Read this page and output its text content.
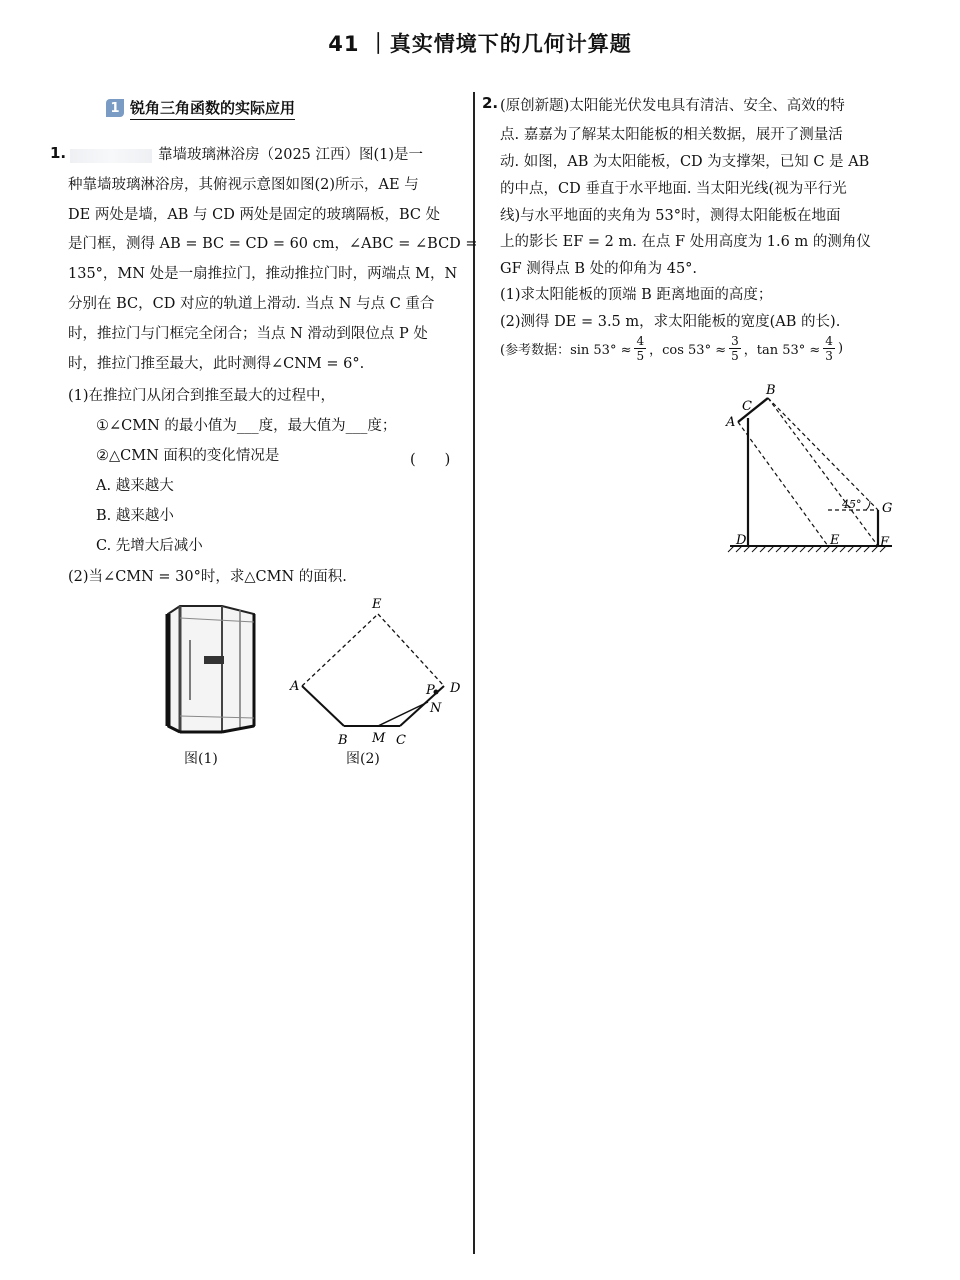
41 ｜真实情境下的几何计算题
1 锐角三角函数的实际应用
1.	靠墙玻璃淋浴房（2025 江西）图(1)是一
种靠墙玻璃淋浴房，其俯视示意图如图(2)所示，AE 与
DE 两处是墙，AB 与 CD 两处是固定的玻璃隔板，BC 处
是门框，测得 AB = BC = CD = 60 cm，∠ABC = ∠BCD =
135°，MN 处是一扇推拉门，推动推拉门时，两端点 M，N
分别在 BC，CD 对应的轨道上滑动. 当点 N 与点 C 重合
时，推拉门与门框完全闭合；当点 N 滑动到限位点 P 处
时，推拉门推至最大，此时测得∠CNM = 6°.
(1)在推拉门从闭合到推至最大的过程中，
①∠CMN 的最小值为___度，最大值为___度；
②△CMN 面积的变化情况是	(　　)
A. 越来越大
B. 越来越小
C. 先增大后减小
(2)当∠CMN = 30°时，求△CMN 的面积.
图(1)
E
A	P D
N
B M C
图(2)
2. (原创新题)太阳能光伏发电具有清洁、安全、高效的特
点. 嘉嘉为了解某太阳能板的相关数据，展开了测量活
动. 如图，AB 为太阳能板，CD 为支撑架，已知 C 是 AB
的中点，CD 垂直于水平地面. 当太阳光线(视为平行光
线)与水平地面的夹角为 53°时，测得太阳能板在地面
上的影长 EF = 2 m. 在点 F 处用高度为 1.6 m 的测角仪
GF 测得点 B 处的仰角为 45°.
(1)求太阳能板的顶端 B 距离地面的高度；
(2)测得 DE = 3.5 m，求太阳能板的宽度(AB 的长).
(参考数据：$\sin 53^\circ \approx \frac{4}{5}$ ，$\cos 53^\circ \approx \frac{3}{5}$ ，$\tan 53^\circ \approx \frac{4}{3}$ )
C
B
A
D	E	F
G
45°
